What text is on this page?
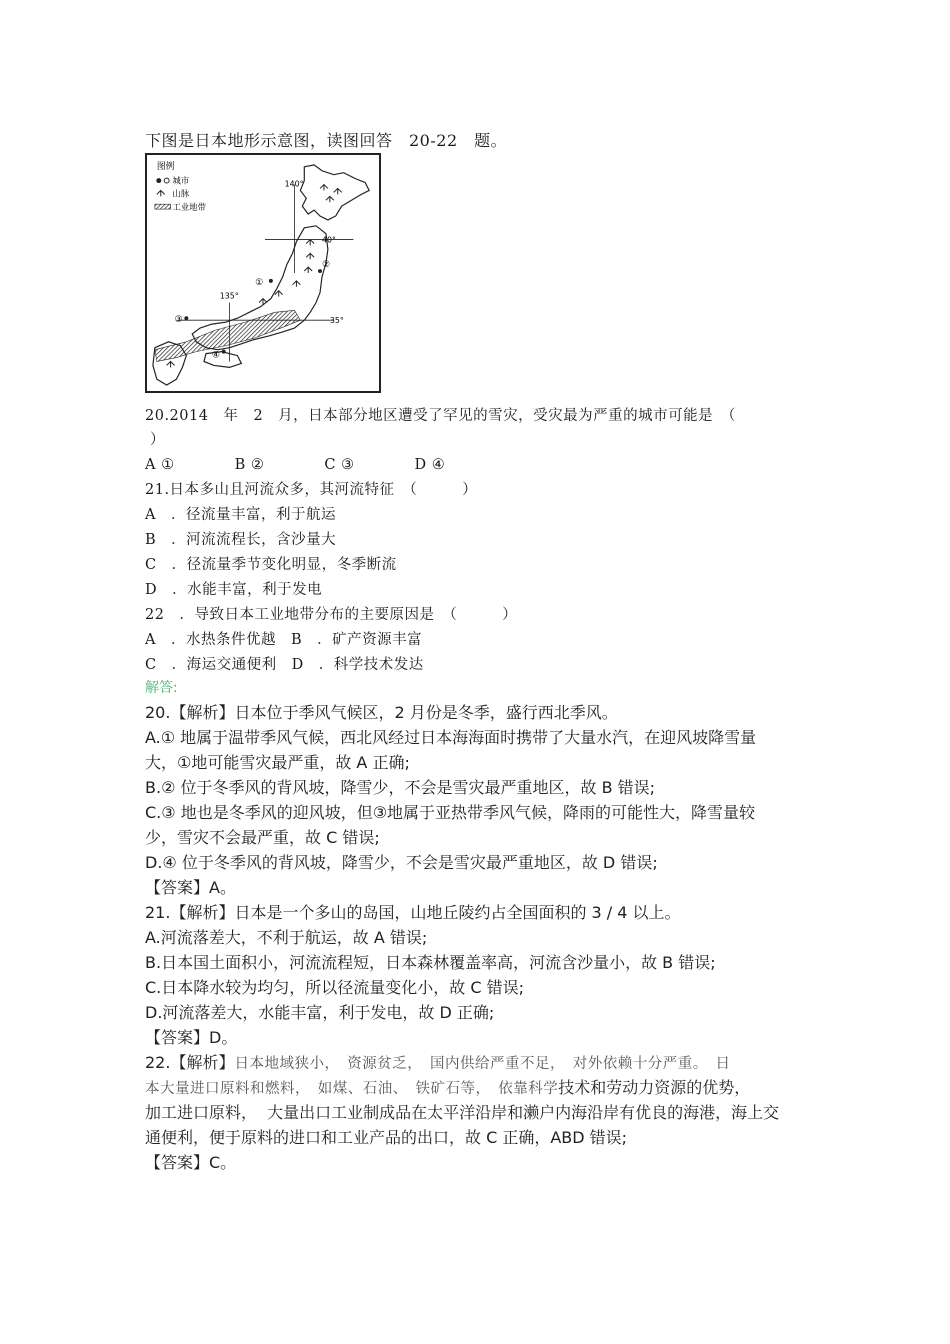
下图是日本地形示意图，读图回答　20-22　题。
图例
城市
山脉
工业地带
140°
40°
135°
35°
①
②
③
④
20.2014　年　2　月，日本部分地区遭受了罕见的雪灾，受灾最为严重的城市可能是　（
）
A ①　　　　B ②　　　　C ③　　　　D ④
21.日本多山且河流众多，其河流特征　（　　　）
A　．径流量丰富，利于航运
B　．河流流程长，含沙量大
C　．径流量季节变化明显，冬季断流
D　．水能丰富，利于发电
22　．导致日本工业地带分布的主要原因是　（　　　）
A　．水热条件优越　B　．矿产资源丰富
C　．海运交通便利　D　．科学技术发达
解答:
20.【解析】日本位于季风气候区，2 月份是冬季，盛行西北季风。
A.① 地属于温带季风气候，西北风经过日本海海面时携带了大量水汽，在迎风坡降雪量
大，①地可能雪灾最严重，故 A 正确;
B.② 位于冬季风的背风坡，降雪少，不会是雪灾最严重地区，故 B 错误;
C.③ 地也是冬季风的迎风坡，但③地属于亚热带季风气候，降雨的可能性大，降雪量较
少，雪灾不会最严重，故 C 错误;
D.④ 位于冬季风的背风坡，降雪少，不会是雪灾最严重地区，故 D 错误;
【答案】A。
21.【解析】日本是一个多山的岛国，山地丘陵约占全国面积的 3 / 4 以上。
A.河流落差大，不利于航运，故 A 错误;
B.日本国土面积小，河流流程短，日本森林覆盖率高，河流含沙量小，故 B 错误;
C.日本降水较为均匀，所以径流量变化小，故 C 错误;
D.河流落差大，水能丰富，利于发电，故 D 正确;
【答案】D。
22.【解析】日本地域狭小，　资源贫乏，　国内供给严重不足，　对外依赖十分严重。　日
本大量进口原料和燃料，　如煤、石油、　铁矿石等，　依靠科学技术和劳动力资源的优势，
加工进口原料，  大量出口工业制成品在太平洋沿岸和濑户内海沿岸有优良的海港，海上交
通便利，便于原料的进口和工业产品的出口，故 C 正确，ABD 错误;
【答案】C。
